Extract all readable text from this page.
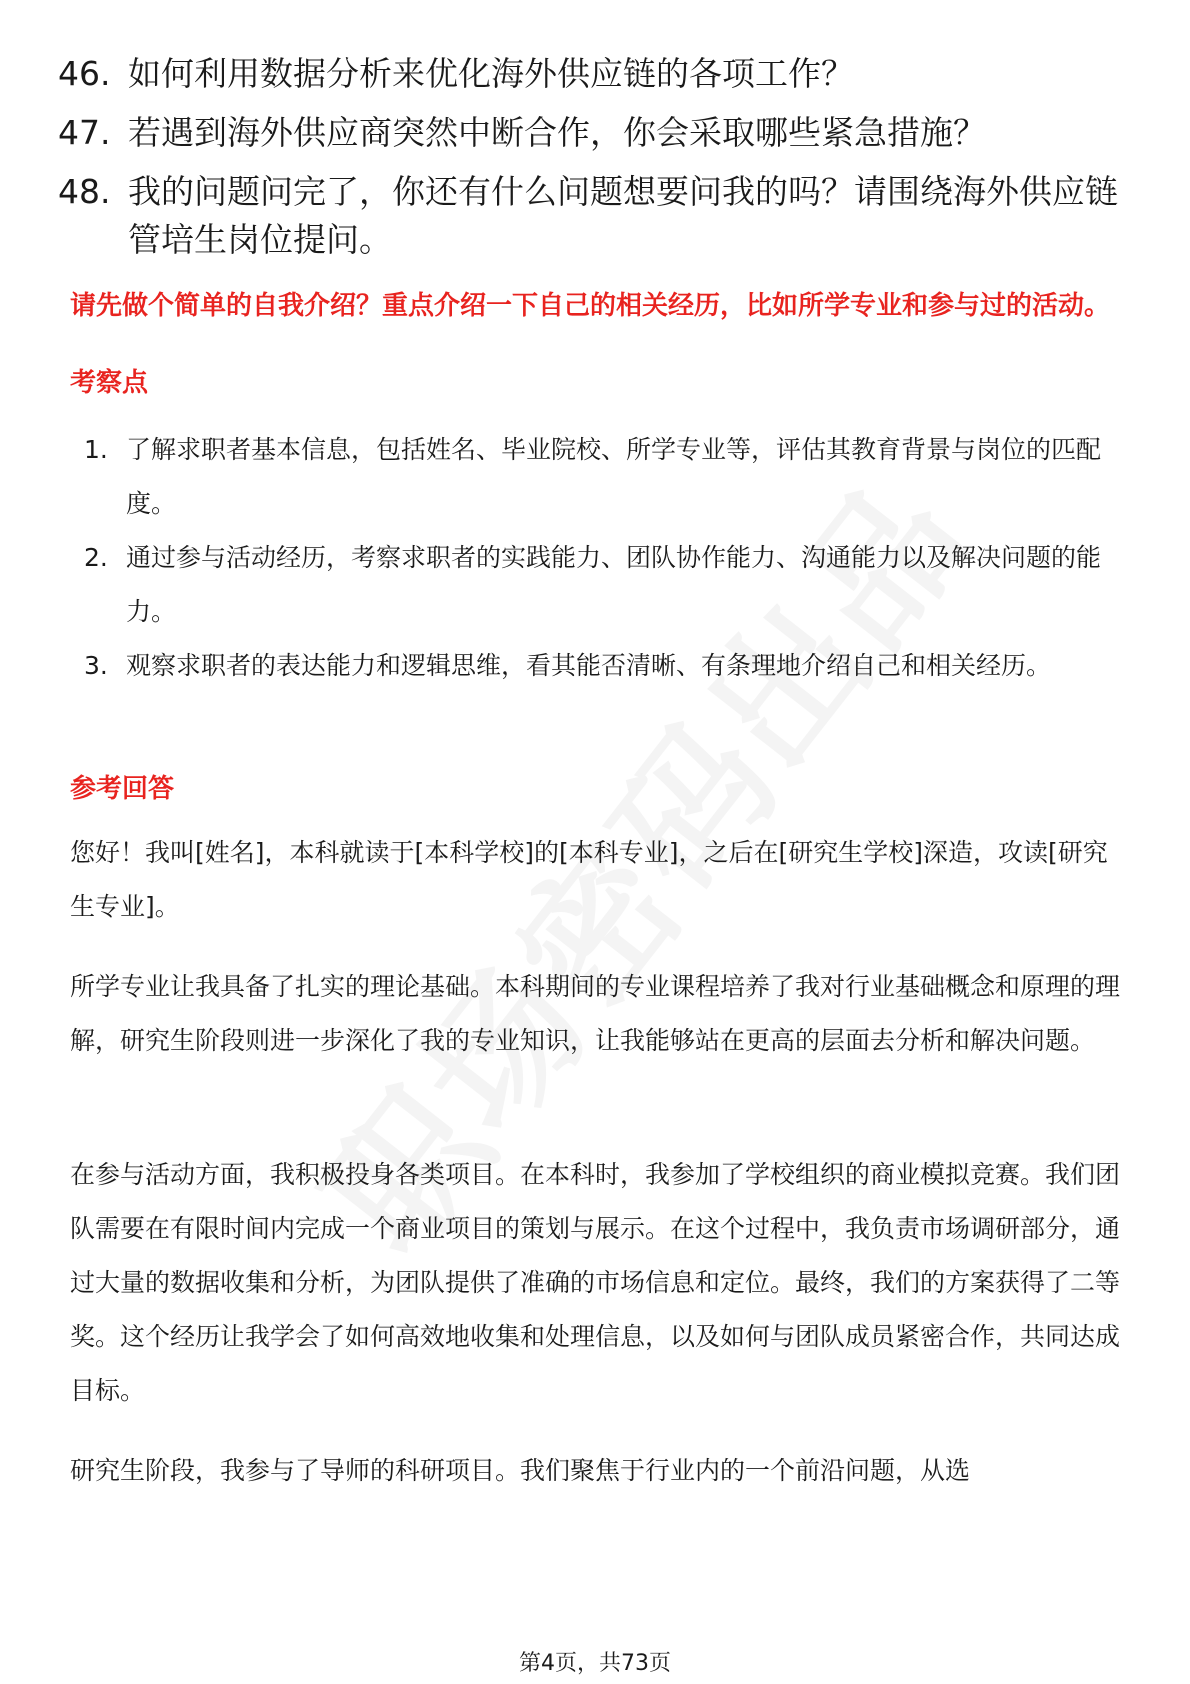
46. 如何利用数据分析来优化海外供应链的各项工作？
47. 若遇到海外供应商突然中断合作，你会采取哪些紧急措施？
48. 我的问题问完了，你还有什么问题想要问我的吗？请围绕海外供应链管培生岗位提问。
请先做个简单的自我介绍？重点介绍一下自己的相关经历，比如所学专业和参与过的活动。
考察点
1. 了解求职者基本信息，包括姓名、毕业院校、所学专业等，评估其教育背景与岗位的匹配度。
2. 通过参与活动经历，考察求职者的实践能力、团队协作能力、沟通能力以及解决问题的能力。
3. 观察求职者的表达能力和逻辑思维，看其能否清晰、有条理地介绍自己和相关经历。
参考回答
您好！我叫[姓名]，本科就读于[本科学校]的[本科专业]，之后在[研究生学校]深造，攻读[研究生专业]。
所学专业让我具备了扎实的理论基础。本科期间的专业课程培养了我对行业基础概念和原理的理解，研究生阶段则进一步深化了我的专业知识，让我能够站在更高的层面去分析和解决问题。
在参与活动方面，我积极投身各类项目。在本科时，我参加了学校组织的商业模拟竞赛。我们团队需要在有限时间内完成一个商业项目的策划与展示。在这个过程中，我负责市场调研部分，通过大量的数据收集和分析，为团队提供了准确的市场信息和定位。最终，我们的方案获得了二等奖。这个经历让我学会了如何高效地收集和处理信息，以及如何与团队成员紧密合作，共同达成目标。
研究生阶段，我参与了导师的科研项目。我们聚焦于行业内的一个前沿问题，从选
第4页，共73页
